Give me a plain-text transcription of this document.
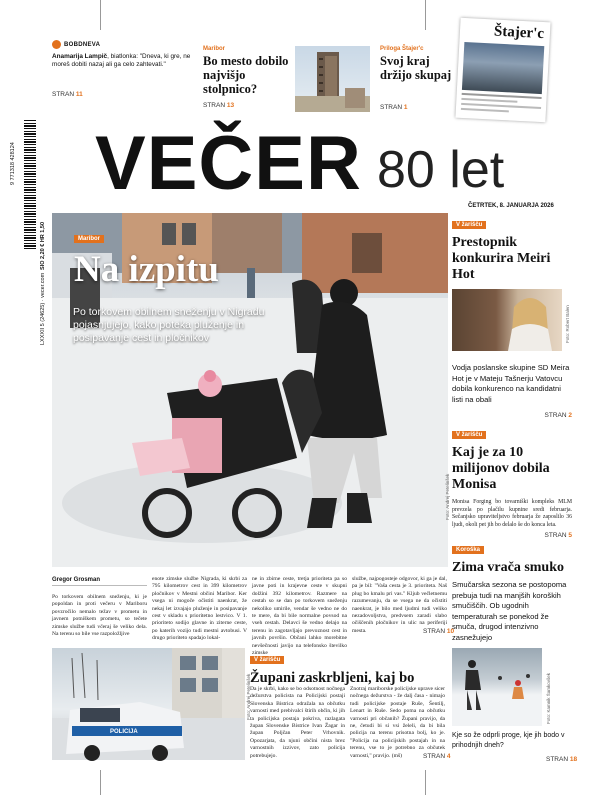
BOBDNEVA
Anamarija Lampič, biatlonka: "Dneva, ki gre, ne moreš dobiti nazaj ali ga celo zahtevati."
STRAN 11
Maribor
Bo mesto dobilo najvišjo stolpnico?
STRAN 13
Priloga Štajer'c
Svoj kraj držijo skupaj
STRAN 1
Štajer'c
9 771318 428124
LXXXII 5 (24625) · vecer.com
SIO 2,20 € HR 1,50
VEČER 80 let
ČETRTEK, 8. JANUARJA 2026
Foto: Andrej Petelinšek
Maribor
Na izpitu
Po torkovem obilnem sneženju v Nigradu pojasnjujejo, kako poteka pluženje in posipavanje cest in pločnikov
Gregor Grosman
Po torkovem obilnem sneženju, ki je popoldan in proti večeru v Mariboru povzročilo nemalo težav v prometu in javnem potniškem prometu, so tečete zimske službe tudi včeraj še veliko dela. Na terenu so bile vse razpoložljive
enote zimske službe Nigrada, ki skrbi za 795 kilometrov cest in 399 kilometrov pločnikov v Mestni občini Maribor. Ker vsega ni mogoče očistiti naenkrat, že nekaj let izvajajo pluženje in posipavanje cest v skladu s prioritetno lestvico. V 1. prioriteto sodijo glavne in ziterne ceste, po katerih vozijo tudi mestni avtobusi. V drugo prioriteto spadajo lokal-
ne in zbirne ceste, tretja prioriteta pa so javne poti in krajevne ceste v skupni dolžini 392 kilometrov. Razmere na cestah so se dan po torkovem sneženju nekoliko umirile, vendar še vedno ne do te mere, da bi bile normalne povsod na vseh cestah. Delavci še vedno delajo na terenu in zagotavljajo prevoznost cest in javnih površin. Občani lahko morebitne nevšečnosti javijo na telefonsko številko zimske
službe, najpogosteje odgovor, ki ga je dal, pa je bil: "Vaša cesta je 3. prioriteta. Naš plug bo kmalu pri vas." Kljub večletnemu razumevanju, da se vsega ne da očistiti naenkrat, je bilo med ljudmi tudi veliko nezadovoljstva, predvsem zaradi slabo očiščenih pločnikov in ulic na periferiji mesta.	STRAN 10
V žarišču
Prestopnik konkurira Meiri Hot
Vodja poslanske skupine SD Meira Hot je v Mateju Tašnerju Vatovcu dobila konkurenco na kandidatni listi na obali
STRAN 2
V žarišču
Kaj je za 10 milijonov dobila Monisa
Monisa Forging bo tovarniški kompleks MLM prevzela po plačilu kupnine sredi februarja. Sečanjsko upraviteljstvo februarja že zaposlilo 36 ljudi, okoli pet jih bo delalo še do konca leta.
STRAN 5
Koroška
Zima vrača smuko
Smučarska sezona se postopoma prebuja tudi na manjših koroških smučiščih. Ob ugodnih temperaturah se ponekod že smuča, drugod intenzivno zasnežujejo
Foto: Kamnik Šamkovšek
Foto: Robert Balen
Kje so že odprli proge, kje jih bodo v prihodnjih dneh?
STRAN 18
POLICIJA
Foto: Andrej Petelinšek
V žarišču
Župani zaskrbljeni, kaj bo
Da je skrbi, kako se bo odsotnost nočnega dežurstva policista na Policijski postaji Slovenska Bistrica odražala na občutku varnosti med prebivalci štirih občin, ki jih ta policijska postaja pokriva, razlagata župan Slovenske Bistrice Ivan Žagar in župan Poljčan Peter Vrhovnik. Opozarjata, da njuni občini nista brez varnostnih izzivov, zato policija potrebujejo.
Znotraj mariborske policijske uprave sicer nočnega dežurstva - že dalj časa - nimajo tudi policijske postaje Ruše, Šentilj, Lenart in Ruše. Sedo poma na občutku varnosti pri občanih? Župani pravijo, da ne, četudi bi si vsi želeli, da bi bila policija na terenu prisotna bolj, ko je. "Policija na policijskih postajah in na terenu, vse to je potrebno za občutek varnosti," pravijo. (mš)	STRAN 4
